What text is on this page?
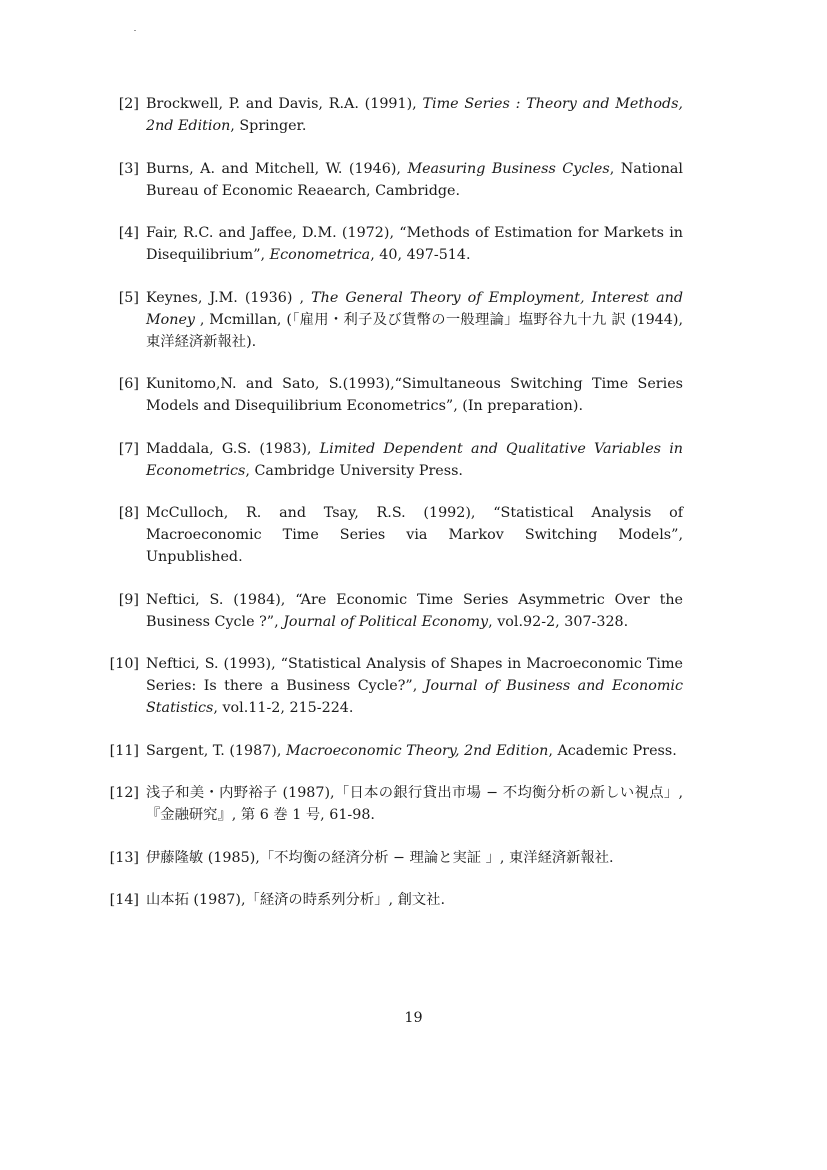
[2] Brockwell, P. and Davis, R.A. (1991), Time Series : Theory and Methods, 2nd Edition, Springer.
[3] Burns, A. and Mitchell, W. (1946), Measuring Business Cycles, National Bureau of Economic Reaearch, Cambridge.
[4] Fair, R.C. and Jaffee, D.M. (1972), “Methods of Estimation for Markets in Disequilibrium”, Econometrica, 40, 497-514.
[5] Keynes, J.M. (1936) , The General Theory of Employment, Interest and Money , Mcmillan, (「雇用・利子及び貨幣の一般理論」塩野谷九十九 訳 (1944), 東洋経済新報社).
[6] Kunitomo,N. and Sato, S.(1993),“Simultaneous Switching Time Series Models and Disequilibrium Econometrics”, (In preparation).
[7] Maddala, G.S. (1983), Limited Dependent and Qualitative Variables in Econometrics, Cambridge University Press.
[8] McCulloch, R. and Tsay, R.S. (1992), “Statistical Analysis of Macroeconomic Time Series via Markov Switching Models”, Unpublished.
[9] Neftici, S. (1984), “Are Economic Time Series Asymmetric Over the Business Cycle ?”, Journal of Political Economy, vol.92-2, 307-328.
[10] Neftici, S. (1993), “Statistical Analysis of Shapes in Macroeconomic Time Series: Is there a Business Cycle?”, Journal of Business and Economic Statistics, vol.11-2, 215-224.
[11] Sargent, T. (1987), Macroeconomic Theory, 2nd Edition, Academic Press.
[12] 浅子和美・内野裕子 (1987),「日本の銀行貸出市場 − 不均衡分析の新しい視点」,『金融研究』, 第 6 巻 1 号, 61-98.
[13] 伊藤隆敏 (1985),「不均衡の経済分析 − 理論と実証 」, 東洋経済新報社.
[14] 山本拓 (1987),「経済の時系列分析」, 創文社.
19
